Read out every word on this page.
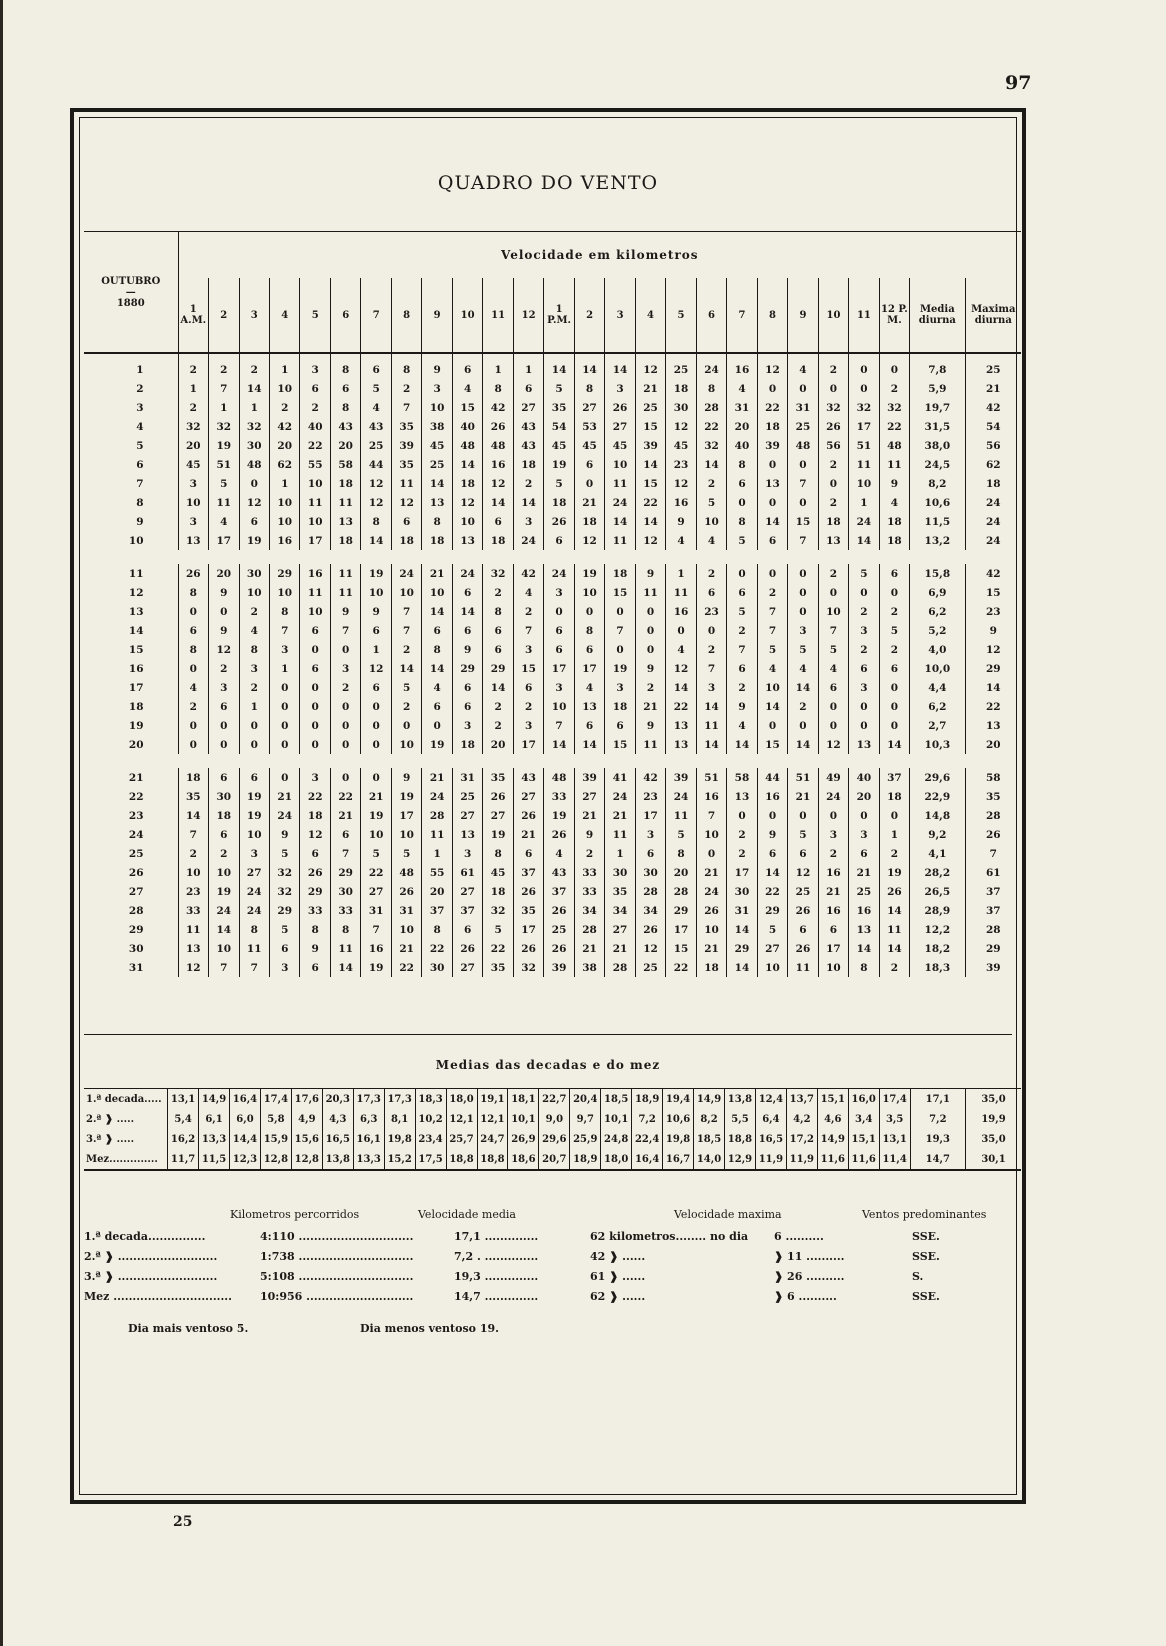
97
QUADRO DO VENTO
OUTUBRO
—
1880	Velocidade em kilometros																									
	1 A.M.	2	3	4	5	6	7	8	9	10	11	12	1 P.M.	2	3	4	5	6	7	8	9	10	11	12 P. M.	Media diurna	Maxima diurna
1	2	2	2	1	3	8	6	8	9	6	1	1	14	14	14	12	25	24	16	12	4	2	0	0	7,8	25
2	1	7	14	10	6	6	5	2	3	4	8	6	5	8	3	21	18	8	4	0	0	0	0	2	5,9	21
3	2	1	1	2	2	8	4	7	10	15	42	27	35	27	26	25	30	28	31	22	31	32	32	32	19,7	42
4	32	32	32	42	40	43	43	35	38	40	26	43	54	53	27	15	12	22	20	18	25	26	17	22	31,5	54
5	20	19	30	20	22	20	25	39	45	48	48	43	45	45	45	39	45	32	40	39	48	56	51	48	38,0	56
6	45	51	48	62	55	58	44	35	25	14	16	18	19	6	10	14	23	14	8	0	0	2	11	11	24,5	62
7	3	5	0	1	10	18	12	11	14	18	12	2	5	0	11	15	12	2	6	13	7	0	10	9	8,2	18
8	10	11	12	10	11	11	12	12	13	12	14	14	18	21	24	22	16	5	0	0	0	2	1	4	10,6	24
9	3	4	6	10	10	13	8	6	8	10	6	3	26	18	14	14	9	10	8	14	15	18	24	18	11,5	24
10	13	17	19	16	17	18	14	18	18	13	18	24	6	12	11	12	4	4	5	6	7	13	14	18	13,2	24

11	26	20	30	29	16	11	19	24	21	24	32	42	24	19	18	9	1	2	0	0	0	2	5	6	15,8	42
12	8	9	10	10	11	11	10	10	10	6	2	4	3	10	15	11	11	6	6	2	0	0	0	0	6,9	15
13	0	0	2	8	10	9	9	7	14	14	8	2	0	0	0	0	16	23	5	7	0	10	2	2	6,2	23
14	6	9	4	7	6	7	6	7	6	6	6	7	6	8	7	0	0	0	2	7	3	7	3	5	5,2	9
15	8	12	8	3	0	0	1	2	8	9	6	3	6	6	0	0	4	2	7	5	5	5	2	2	4,0	12
16	0	2	3	1	6	3	12	14	14	29	29	15	17	17	19	9	12	7	6	4	4	4	6	6	10,0	29
17	4	3	2	0	0	2	6	5	4	6	14	6	3	4	3	2	14	3	2	10	14	6	3	0	4,4	14
18	2	6	1	0	0	0	0	2	6	6	2	2	10	13	18	21	22	14	9	14	2	0	0	0	6,2	22
19	0	0	0	0	0	0	0	0	0	3	2	3	7	6	6	9	13	11	4	0	0	0	0	0	2,7	13
20	0	0	0	0	0	0	0	10	19	18	20	17	14	14	15	11	13	14	14	15	14	12	13	14	10,3	20

21	18	6	6	0	3	0	0	9	21	31	35	43	48	39	41	42	39	51	58	44	51	49	40	37	29,6	58
22	35	30	19	21	22	22	21	19	24	25	26	27	33	27	24	23	24	16	13	16	21	24	20	18	22,9	35
23	14	18	19	24	18	21	19	17	28	27	27	26	19	21	21	17	11	7	0	0	0	0	0	0	14,8	28
24	7	6	10	9	12	6	10	10	11	13	19	21	26	9	11	3	5	10	2	9	5	3	3	1	9,2	26
25	2	2	3	5	6	7	5	5	1	3	8	6	4	2	1	6	8	0	2	6	6	2	6	2	4,1	7
26	10	10	27	32	26	29	22	48	55	61	45	37	43	33	30	30	20	21	17	14	12	16	21	19	28,2	61
27	23	19	24	32	29	30	27	26	20	27	18	26	37	33	35	28	28	24	30	22	25	21	25	26	26,5	37
28	33	24	24	29	33	33	31	31	37	37	32	35	26	34	34	34	29	26	31	29	26	16	16	14	28,9	37
29	11	14	8	5	8	8	7	10	8	6	5	17	25	28	27	26	17	10	14	5	6	6	13	11	12,2	28
30	13	10	11	6	9	11	16	21	22	26	22	26	26	21	21	12	15	21	29	27	26	17	14	14	18,2	29
31	12	7	7	3	6	14	19	22	30	27	35	32	39	38	28	25	22	18	14	10	11	10	8	2	18,3	39
Medias das decadas e do mez
1.ª decada.....	13,1	14,9	16,4	17,4	17,6	20,3	17,3	17,3	18,3	18,0	19,1	18,1	22,7	20,4	18,5	18,9	19,4	14,9	13,8	12,4	13,7	15,1	16,0	17,4	17,1	35,0
2.ª ❱ .....	5,4	6,1	6,0	5,8	4,9	4,3	6,3	8,1	10,2	12,1	12,1	10,1	9,0	9,7	10,1	7,2	10,6	8,2	5,5	6,4	4,2	4,6	3,4	3,5	7,2	19,9
3.ª ❱ .....	16,2	13,3	14,4	15,9	15,6	16,5	16,1	19,8	23,4	25,7	24,7	26,9	29,6	25,9	24,8	22,4	19,8	18,5	18,8	16,5	17,2	14,9	15,1	13,1	19,3	35,0
Mez..............	11,7	11,5	12,3	12,8	12,8	13,8	13,3	15,2	17,5	18,8	18,8	18,6	20,7	18,9	18,0	16,4	16,7	14,0	12,9	11,9	11,9	11,6	11,6	11,4	14,7	30,1
Kilometros percorridos	Velocidade media	Velocidade maxima	Ventos predominantes
1.ª decada...............	4:110 ..............................	17,1 ..............	62 kilometros........ no dia 6 ..........	SSE.
2.ª ❱ ..........................	1:738 ..............................	7,2 . ..............	42 ❱ ......	❱ 11 ..........	SSE.
3.ª ❱ ..........................	5:108 ..............................	19,3 ..............	61 ❱ ......	❱ 26 ..........	S.
Mez ...............................	10:956 ............................	14,7 ..............	62 ❱ ......	❱ 6 ..........	SSE.
Dia mais ventoso 5.	Dia menos ventoso 19.
25
